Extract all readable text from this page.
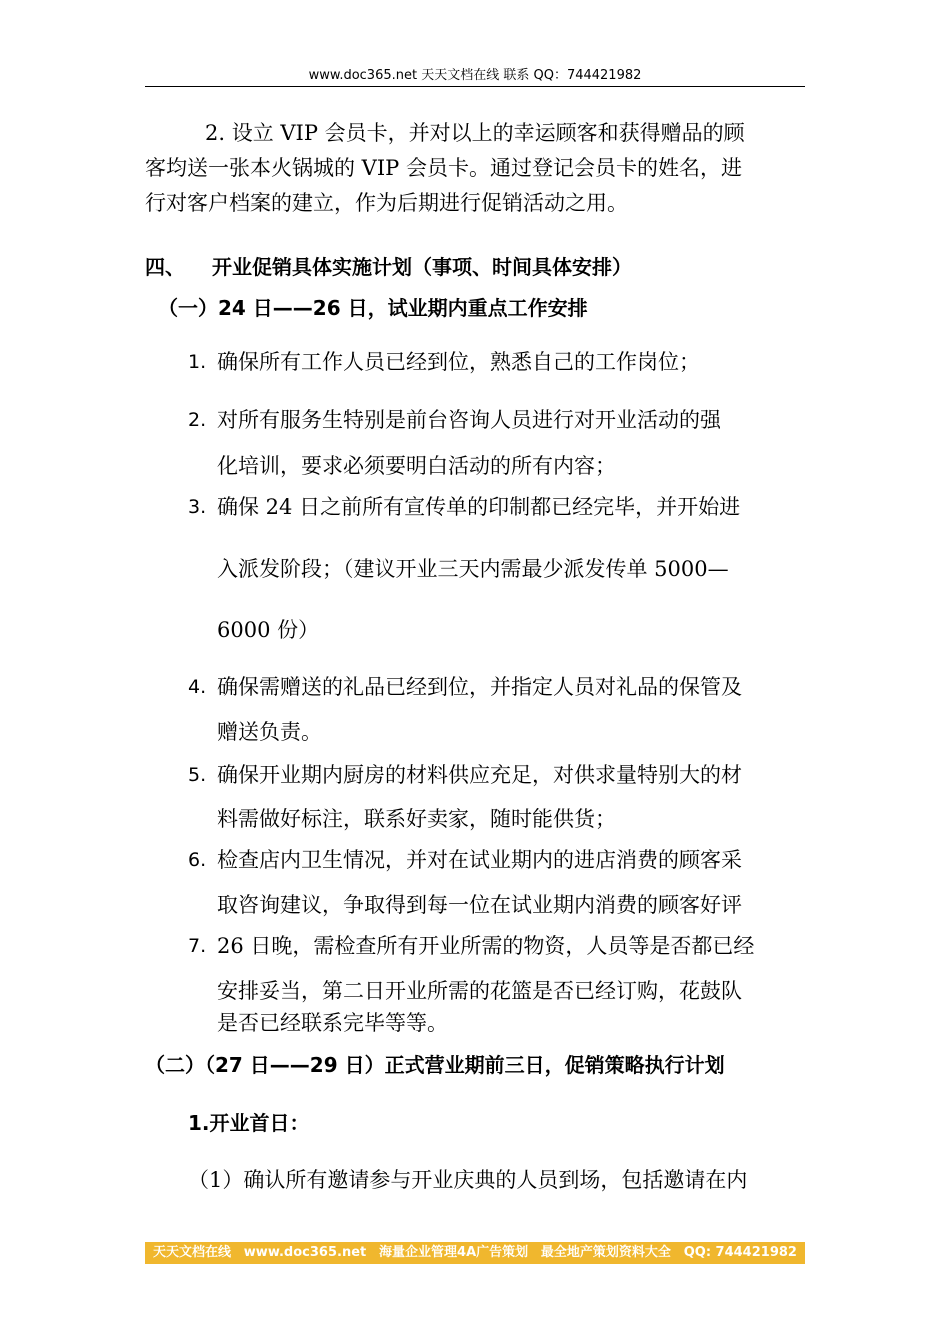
www.doc365.net 天天文档在线 联系 QQ：744421982
2. 设立 VIP 会员卡，并对以上的幸运顾客和获得赠品的顾
客均送一张本火锅城的 VIP 会员卡。通过登记会员卡的姓名，进
行对客户档案的建立，作为后期进行促销活动之用。
四、 开业促销具体实施计划（事项、时间具体安排）
（一）24 日——26 日，试业期内重点工作安排
1. 确保所有工作人员已经到位，熟悉自己的工作岗位；
2. 对所有服务生特别是前台咨询人员进行对开业活动的强
化培训，要求必须要明白活动的所有内容；
3. 确保 24 日之前所有宣传单的印制都已经完毕，并开始进
入派发阶段；（建议开业三天内需最少派发传单 5000—
6000 份）
4. 确保需赠送的礼品已经到位，并指定人员对礼品的保管及
赠送负责。
5. 确保开业期内厨房的材料供应充足，对供求量特别大的材
料需做好标注，联系好卖家，随时能供货；
6. 检查店内卫生情况，并对在试业期内的进店消费的顾客采
取咨询建议，争取得到每一位在试业期内消费的顾客好评
7. 26 日晚，需检查所有开业所需的物资，人员等是否都已经
安排妥当，第二日开业所需的花篮是否已经订购，花鼓队
是否已经联系完毕等等。
（二）（27 日——29 日）正式营业期前三日，促销策略执行计划
1.开业首日：
（1）确认所有邀请参与开业庆典的人员到场，包括邀请在内
天天文档在线 www.doc365.net 海量企业管理4A广告策划 最全地产策划资料大全 QQ: 744421982
